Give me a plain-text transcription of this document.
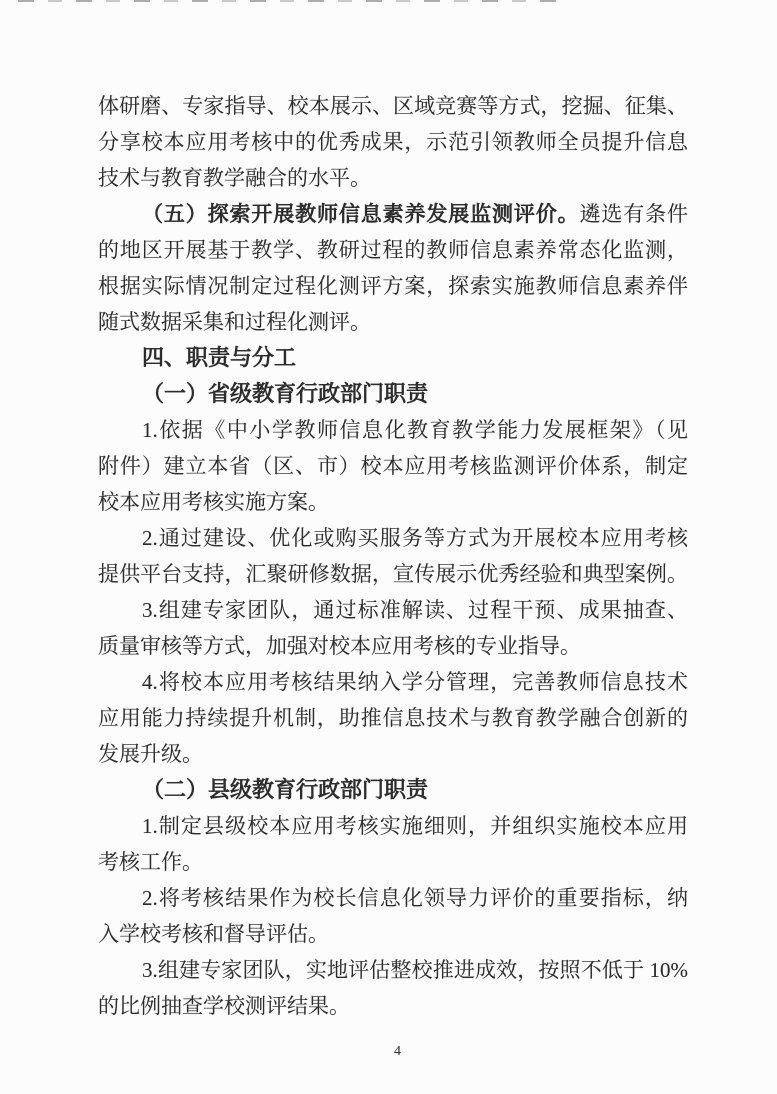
体研磨、专家指导、校本展示、区域竞赛等方式，挖掘、征集、
分享校本应用考核中的优秀成果，示范引领教师全员提升信息
技术与教育教学融合的水平。
（五）探索开展教师信息素养发展监测评价。遴选有条件
的地区开展基于教学、教研过程的教师信息素养常态化监测，
根据实际情况制定过程化测评方案，探索实施教师信息素养伴
随式数据采集和过程化测评。
四、职责与分工
（一）省级教育行政部门职责
1.依据《中小学教师信息化教育教学能力发展框架》（见
附件）建立本省（区、市）校本应用考核监测评价体系，制定
校本应用考核实施方案。
2.通过建设、优化或购买服务等方式为开展校本应用考核
提供平台支持，汇聚研修数据，宣传展示优秀经验和典型案例。
3.组建专家团队，通过标准解读、过程干预、成果抽查、
质量审核等方式，加强对校本应用考核的专业指导。
4.将校本应用考核结果纳入学分管理，完善教师信息技术
应用能力持续提升机制，助推信息技术与教育教学融合创新的
发展升级。
（二）县级教育行政部门职责
1.制定县级校本应用考核实施细则，并组织实施校本应用
考核工作。
2.将考核结果作为校长信息化领导力评价的重要指标，纳
入学校考核和督导评估。
3.组建专家团队，实地评估整校推进成效，按照不低于 10%
的比例抽查学校测评结果。
4
